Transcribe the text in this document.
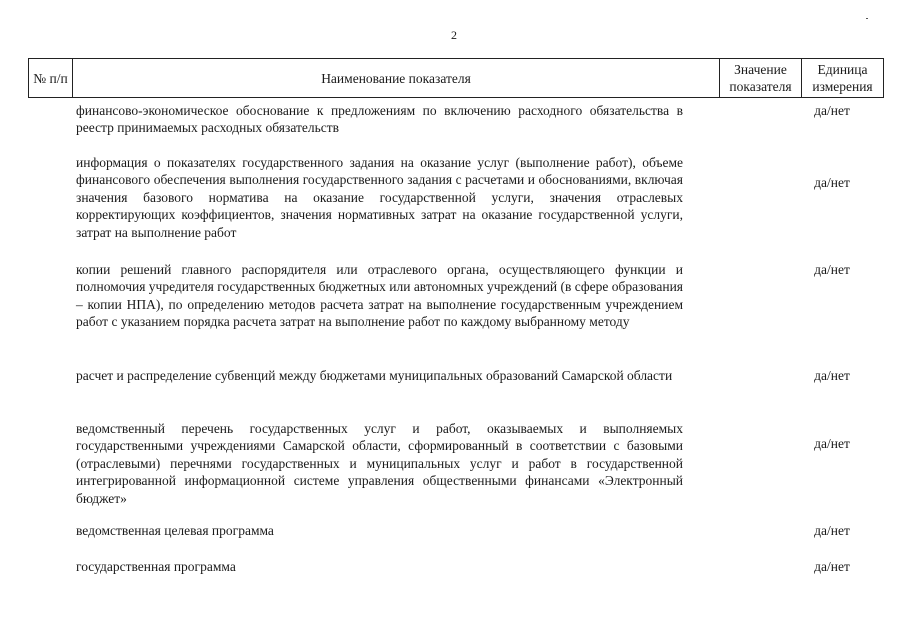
2
№ п/п	Наименование показателя	Значение показателя	Единица измерения
финансово-экономическое обоснование к предложениям по включению расходного обязательства в реестр принимаемых расходных обязательств
да/нет
информация о показателях государственного задания на оказание услуг (выполнение работ), объеме финансового обеспечения выполнения государственного задания с расчетами и обоснованиями, включая значения базового норматива на оказание государственной услуги, значения отраслевых корректирующих коэффициентов, значения нормативных затрат на оказание государственной услуги, затрат на выполнение работ
да/нет
копии решений главного распорядителя или отраслевого органа, осуществляющего функции и полномочия учредителя государственных бюджетных или автономных учреждений (в сфере образования – копии НПА), по определению методов расчета затрат на выполнение государственным учреждением работ с указанием порядка расчета затрат на выполнение работ по каждому выбранному методу
да/нет
расчет и распределение субвенций между бюджетами муниципальных образований Самарской области	да/нет
ведомственный перечень государственных услуг и работ, оказываемых и выполняемых государственными учреждениями Самарской области, сформированный в соответствии с базовыми (отраслевыми) перечнями государственных и муниципальных услуг и работ в государственной интегрированной информационной системе управления общественными финансами «Электронный бюджет»
да/нет
ведомственная целевая программа	да/нет
государственная программа	да/нет
